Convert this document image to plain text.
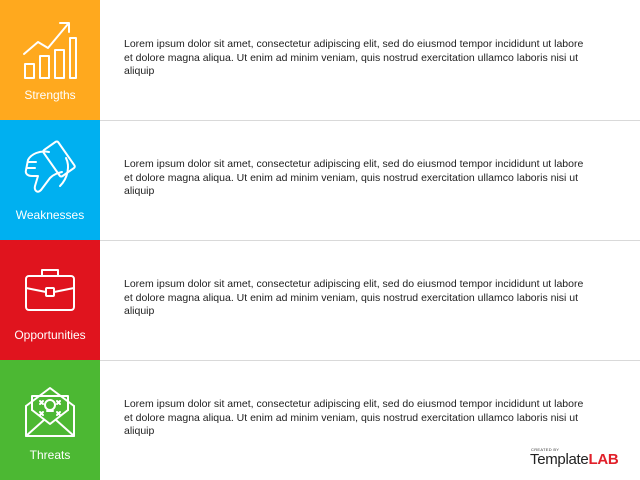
Strengths
Lorem ipsum dolor sit amet, consectetur adipiscing elit, sed do eiusmod tempor incididunt ut labore et dolore magna aliqua. Ut enim ad minim veniam, quis nostrud exercitation ullamco laboris nisi ut aliquip
Weaknesses
Lorem ipsum dolor sit amet, consectetur adipiscing elit, sed do eiusmod tempor incididunt ut labore et dolore magna aliqua. Ut enim ad minim veniam, quis nostrud exercitation ullamco laboris nisi ut aliquip
Opportunities
Lorem ipsum dolor sit amet, consectetur adipiscing elit, sed do eiusmod tempor incididunt ut labore et dolore magna aliqua. Ut enim ad minim veniam, quis nostrud exercitation ullamco laboris nisi ut aliquip
Threats
Lorem ipsum dolor sit amet, consectetur adipiscing elit, sed do eiusmod tempor incididunt ut labore et dolore magna aliqua. Ut enim ad minim veniam, quis nostrud exercitation ullamco laboris nisi ut aliquip
CREATED BY
TemplateLAB
